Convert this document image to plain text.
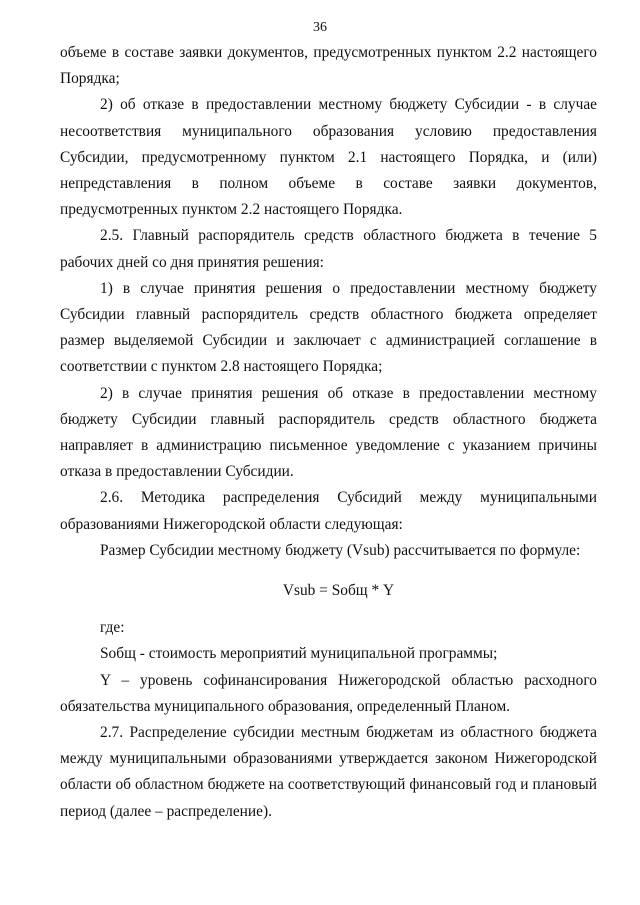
36

объеме в составе заявки документов, предусмотренных пунктом 2.2 настоящего Порядка;

2) об отказе в предоставлении местному бюджету Субсидии - в случае несоответствия муниципального образования условию предоставления Субсидии, предусмотренному пунктом 2.1 настоящего Порядка, и (или) непредставления в полном объеме в составе заявки документов, предусмотренных пунктом 2.2 настоящего Порядка.

2.5. Главный распорядитель средств областного бюджета в течение 5 рабочих дней со дня принятия решения:

1) в случае принятия решения о предоставлении местному бюджету Субсидии главный распорядитель средств областного бюджета определяет размер выделяемой Субсидии и заключает с администрацией соглашение в соответствии с пунктом 2.8 настоящего Порядка;

2) в случае принятия решения об отказе в предоставлении местному бюджету Субсидии главный распорядитель средств областного бюджета направляет в администрацию письменное уведомление с указанием причины отказа в предоставлении Субсидии.

2.6. Методика распределения Субсидий между муниципальными образованиями Нижегородской области следующая:

Размер Субсидии местному бюджету (Vsub) рассчитывается по формуле:

Vsub = Sобщ * Y

где:

Sобщ - стоимость мероприятий муниципальной программы;

Y – уровень софинансирования Нижегородской областью расходного обязательства муниципального образования, определенный Планом.

2.7. Распределение субсидии местным бюджетам из областного бюджета между муниципальными образованиями утверждается законом Нижегородской области об областном бюджете на соответствующий финансовый год и плановый период (далее – распределение).
